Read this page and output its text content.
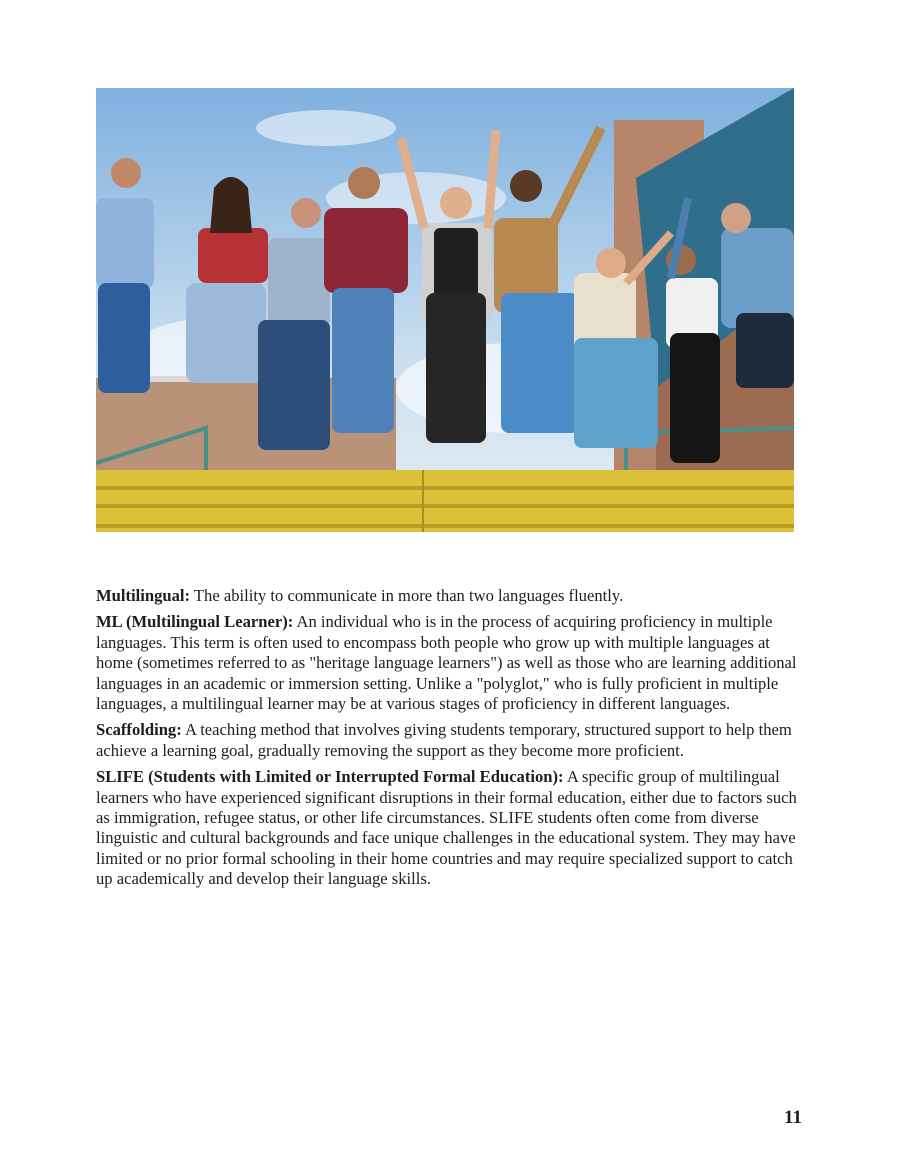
Multilingual: The ability to communicate in more than two languages fluently.

ML (Multilingual Learner): An individual who is in the process of acquiring proficiency in multiple languages. This term is often used to encompass both people who grow up with multiple languages at home (sometimes referred to as "heritage language learners") as well as those who are learning additional languages in an academic or immersion setting. Unlike a "polyglot," who is fully proficient in multiple languages, a multilingual learner may be at various stages of proficiency in different languages.

Scaffolding: A teaching method that involves giving students temporary, structured support to help them achieve a learning goal, gradually removing the support as they become more proficient.

SLIFE (Students with Limited or Interrupted Formal Education): A specific group of multilingual learners who have experienced significant disruptions in their formal education, either due to factors such as immigration, refugee status, or other life circumstances. SLIFE students often come from diverse linguistic and cultural backgrounds and face unique challenges in the educational system. They may have limited or no prior formal schooling in their home countries and may require specialized support to catch up academically and develop their language skills.

11
